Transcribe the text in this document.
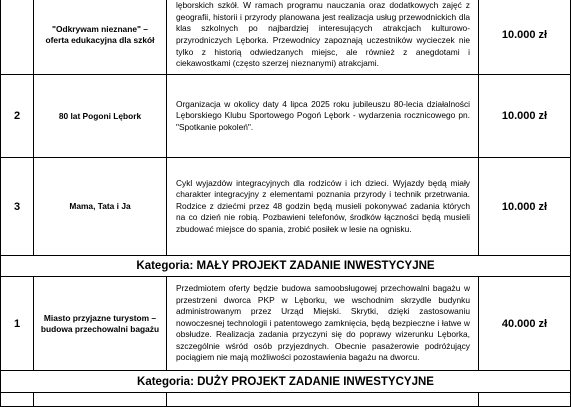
	"Odkrywam nieznane" – oferta edukacyjna dla szkół	lęborskich szkół. W ramach programu nauczania oraz dodatkowych zajęć z geografii, historii i przyrody planowana jest realizacja usług przewodnickich dla klas szkolnych po najbardziej interesujących atrakcjach kulturowo-przyrodniczych Lęborka. Przewodnicy zapoznają uczestników wycieczek nie tylko z historią odwiedzanych miejsc, ale również z anegdotami i ciekawostkami (często szerzej nieznanymi) atrakcjami.	10.000 zł
2	80 lat Pogoni Lębork	Organizacja w okolicy daty 4 lipca 2025 roku jubileuszu 80-lecia działalności Lęborskiego Klubu Sportowego Pogoń Lębork - wydarzenia rocznicowego pn. "Spotkanie pokoleń".	10.000 zł
3	Mama, Tata i Ja	Cykl wyjazdów integracyjnych dla rodziców i ich dzieci. Wyjazdy będą miały charakter integracyjny z elementami poznania przyrody i technik przetrwania. Rodzice z dziećmi przez 48 godzin będą musieli pokonywać zadania których na co dzień nie robią. Pozbawieni telefonów, środków łączności będą musieli zbudować miejsce do spania, zrobić posiłek w lesie na ognisku.	10.000 zł
Kategoria: MAŁY PROJEKT ZADANIE INWESTYCYJNE			
1	Miasto przyjazne turystom – budowa przechowalni bagażu	Przedmiotem oferty będzie budowa samoobsługowej przechowalni bagażu w przestrzeni dworca PKP w Lęborku, we wschodnim skrzydle budynku administrowanym przez Urząd Miejski. Skrytki, dzięki zastosowaniu nowoczesnej technologii i patentowego zamknięcia, będą bezpieczne i łatwe w obsłudze. Realizacja zadania przyczyni się do poprawy wizerunku Lęborka, szczególnie wśród osób przyjezdnych. Obecnie pasażerowie podróżujący pociągiem nie mają możliwości pozostawienia bagażu na dworcu.	40.000 zł
Kategoria: DUŻY PROJEKT ZADANIE INWESTYCYJNE			
